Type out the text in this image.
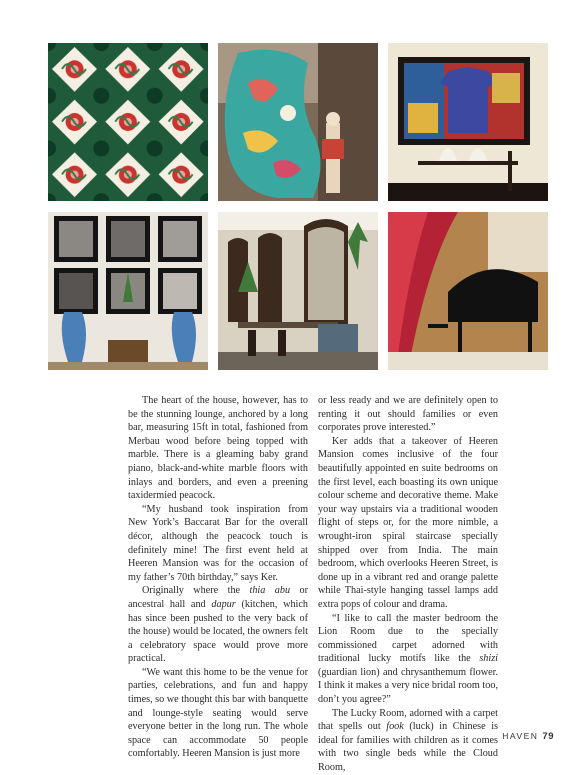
The heart of the house, however, has to be the stunning lounge, anchored by a long bar, measuring 15ft in total, fashioned from Merbau wood before being topped with marble. There is a gleaming baby grand piano, black-and-white marble floors with inlays and borders, and even a preening taxidermied peacock.

“My husband took inspiration from New York’s Baccarat Bar for the overall décor, although the peacock touch is definitely mine! The first event held at Heeren Mansion was for the occasion of my father’s 70th birthday,” says Ker.

Originally where the thia abu or ancestral hall and dapur (kitchen, which has since been pushed to the very back of the house) would be located, the owners felt a celebratory space would prove more practical.

“We want this home to be the venue for parties, celebrations, and fun and happy times, so we thought this bar with banquette and lounge-style seating would serve everyone better in the long run. The whole space can accommodate 50 people comfortably. Heeren Mansion is just more

or less ready and we are definitely open to renting it out should families or even corporates prove interested.”

Ker adds that a takeover of Heeren Mansion comes inclusive of the four beautifully appointed en suite bedrooms on the first level, each boasting its own unique colour scheme and decorative theme. Make your way upstairs via a traditional wooden flight of steps or, for the more nimble, a wrought-iron spiral staircase specially shipped over from India. The main bedroom, which overlooks Heeren Street, is done up in a vibrant red and orange palette while Thai-style hanging tassel lamps add extra pops of colour and drama.

“I like to call the master bedroom the Lion Room due to the specially commissioned carpet adorned with traditional lucky motifs like the shizi (guardian lion) and chrysanthemum flower. I think it makes a very nice bridal room too, don’t you agree?”

The Lucky Room, adorned with a carpet that spells out fook (luck) in Chinese is ideal for families with children as it comes with two single beds while the Cloud Room,

HAVEN 79
